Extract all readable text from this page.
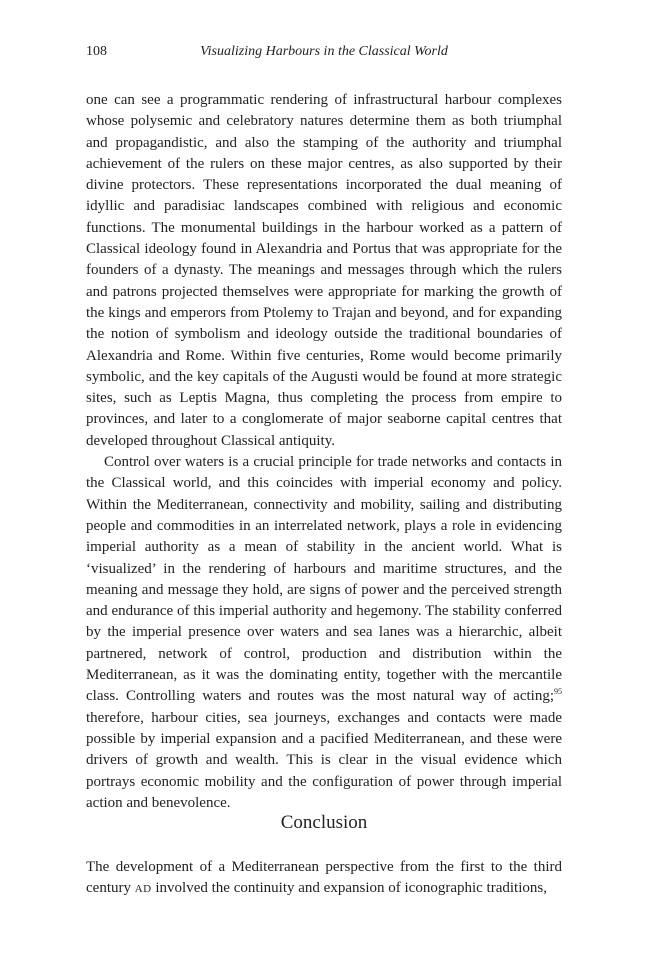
108	Visualizing Harbours in the Classical World

one can see a programmatic rendering of infrastructural harbour complexes whose polysemic and celebratory natures determine them as both triumphal and propagandistic, and also the stamping of the authority and triumphal achievement of the rulers on these major centres, as also supported by their divine protectors. These representations incorporated the dual meaning of idyllic and paradisiac landscapes combined with religious and economic functions. The monumental buildings in the harbour worked as a pattern of Classical ideology found in Alexandria and Portus that was appropriate for the founders of a dynasty. The meanings and messages through which the rulers and patrons projected themselves were appropriate for marking the growth of the kings and emperors from Ptolemy to Trajan and beyond, and for expanding the notion of symbolism and ideology outside the traditional boundaries of Alexandria and Rome. Within five centuries, Rome would become primarily symbolic, and the key capitals of the Augusti would be found at more strategic sites, such as Leptis Magna, thus completing the process from empire to provinces, and later to a conglomerate of major seaborne capital centres that developed throughout Classical antiquity.

Control over waters is a crucial principle for trade networks and contacts in the Classical world, and this coincides with imperial economy and policy. Within the Mediterranean, connectivity and mobility, sailing and distributing people and commodities in an interrelated network, plays a role in evidencing imperial authority as a mean of stability in the ancient world. What is ‘visualized’ in the rendering of harbours and maritime structures, and the meaning and message they hold, are signs of power and the perceived strength and endurance of this imperial authority and hegemony. The stability conferred by the imperial presence over waters and sea lanes was a hierarchic, albeit partnered, network of control, production and distribution within the Mediterranean, as it was the dominating entity, together with the mercantile class. Controlling waters and routes was the most natural way of acting;$^{95}$ therefore, harbour cities, sea journeys, exchanges and contacts were made possible by imperial expansion and a pacified Mediterranean, and these were drivers of growth and wealth. This is clear in the visual evidence which portrays economic mobility and the configuration of power through imperial action and benevolence.

Conclusion

The development of a Mediterranean perspective from the first to the third century AD involved the continuity and expansion of iconographic traditions,
